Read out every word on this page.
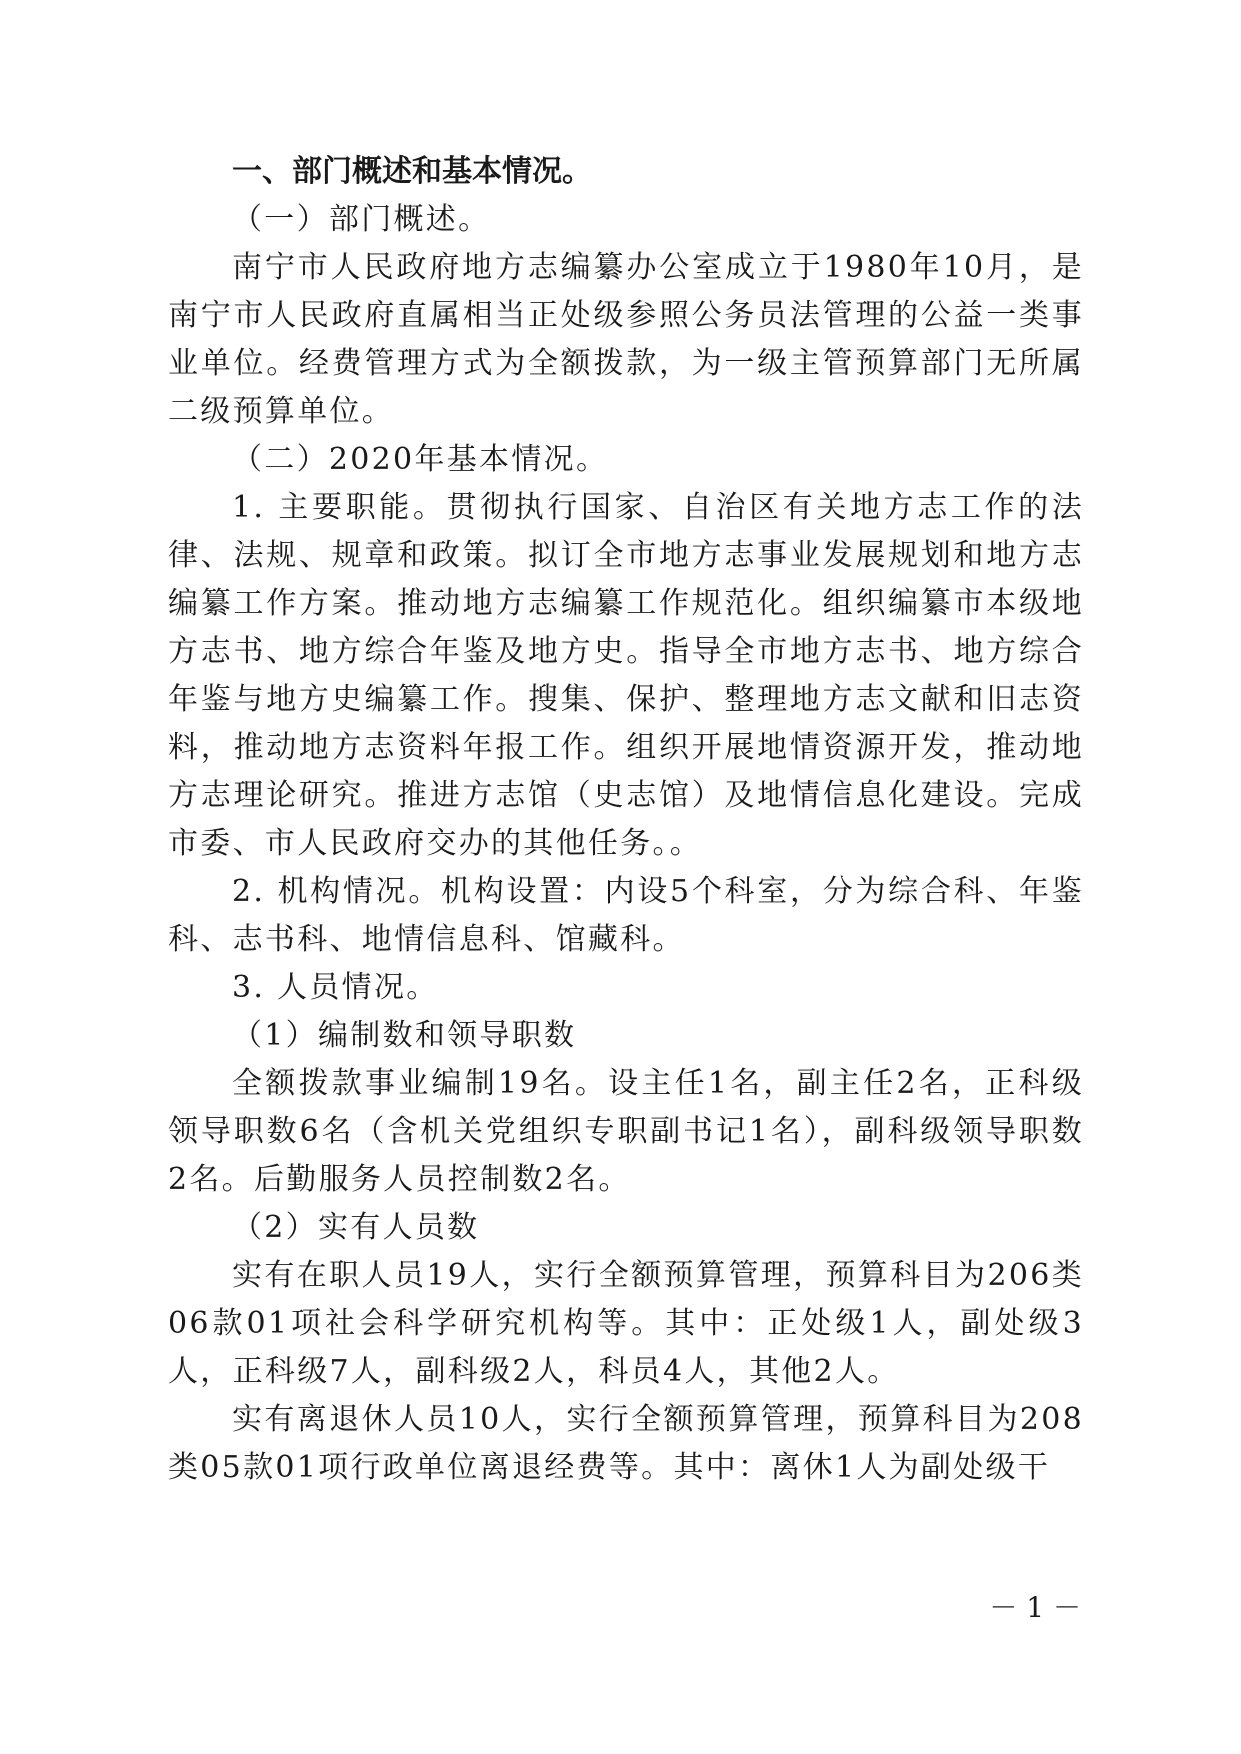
一、部门概述和基本情况。
（一）部门概述。
南宁市人民政府地方志编纂办公室成立于1980年10月，是南宁市人民政府直属相当正处级参照公务员法管理的公益一类事业单位。经费管理方式为全额拨款，为一级主管预算部门无所属二级预算单位。
（二）2020年基本情况。
1. 主要职能。贯彻执行国家、自治区有关地方志工作的法律、法规、规章和政策。拟订全市地方志事业发展规划和地方志编纂工作方案。推动地方志编纂工作规范化。组织编纂市本级地方志书、地方综合年鉴及地方史。指导全市地方志书、地方综合年鉴与地方史编纂工作。搜集、保护、整理地方志文献和旧志资料，推动地方志资料年报工作。组织开展地情资源开发，推动地方志理论研究。推进方志馆（史志馆）及地情信息化建设。完成市委、市人民政府交办的其他任务。。
2. 机构情况。机构设置：内设5个科室，分为综合科、年鉴科、志书科、地情信息科、馆藏科。
3. 人员情况。
（1）编制数和领导职数
全额拨款事业编制19名。设主任1名，副主任2名，正科级领导职数6名（含机关党组织专职副书记1名），副科级领导职数2名。后勤服务人员控制数2名。
（2）实有人员数
实有在职人员19人，实行全额预算管理，预算科目为206类06款01项社会科学研究机构等。其中：正处级1人，副处级3人，正科级7人，副科级2人，科员4人，其他2人。
实有离退休人员10人，实行全额预算管理，预算科目为208类05款01项行政单位离退经费等。其中：离休1人为副处级干
－ 1 －
